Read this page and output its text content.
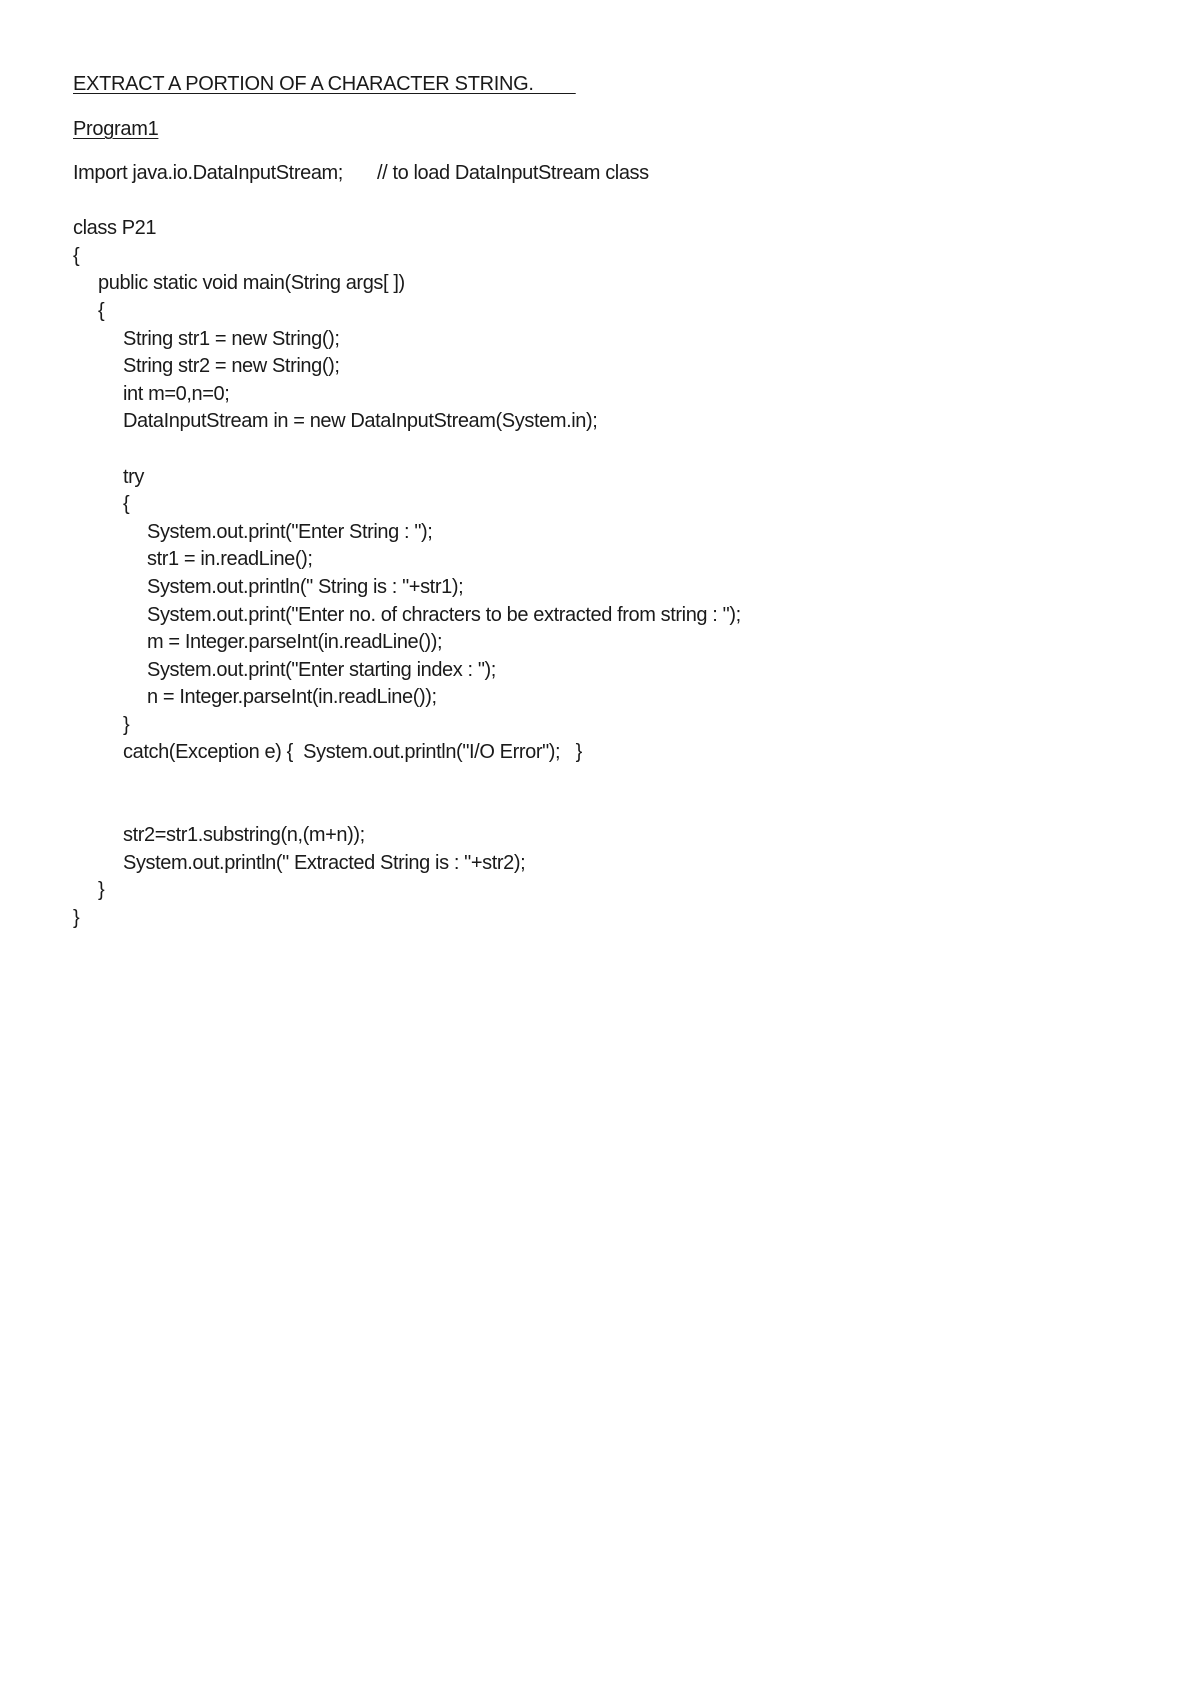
EXTRACT A PORTION OF A CHARACTER STRING.
Program1
Import java.io.DataInputStream; // to load DataInputStream class
class P21
{
public static void main(String args[ ])
{
String str1 = new String();
String str2 = new String();
int m=0,n=0;
DataInputStream in = new DataInputStream(System.in);
try
{
System.out.print("Enter String : ");
str1 = in.readLine();
System.out.println(" String is : "+str1);
System.out.print("Enter no. of chracters to be extracted from string : ");
m = Integer.parseInt(in.readLine());
System.out.print("Enter starting index : ");
n = Integer.parseInt(in.readLine());
}
catch(Exception e) {  System.out.println("I/O Error");   }
str2=str1.substring(n,(m+n));
System.out.println(" Extracted String is : "+str2);
}
}
